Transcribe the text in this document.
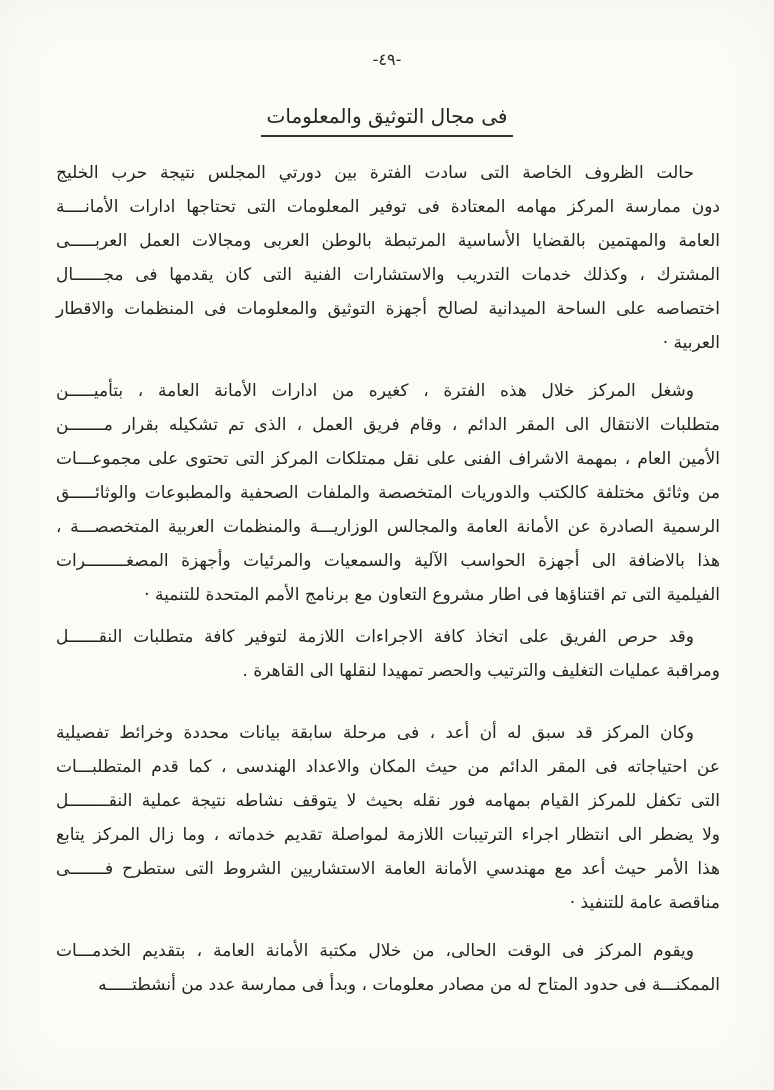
-٤٩-
فى مجال التوثيق والمعلومات
حالت الظروف الخاصة التى سادت الفترة بين دورتي المجلس نتيجة حرب الخليج
دون ممارسة المركز مهامه المعتادة فى توفير المعلومات التى تحتاجها ادارات الأمانــــة
العامة والمهتمين بالقضايا الأساسية المرتبطة بالوطن العربى ومجالات العمل العربـــــى
المشترك ، وكذلك خدمات التدريب والاستشارات الفنية التى كان يقدمها فى مجــــــال
اختصاصه على الساحة الميدانية لصالح أجهزة التوثيق والمعلومات فى المنظمات والاقطار
العربية ·
وشغل المركز خلال هذه الفترة ، كغيره من ادارات الأمانة العامة ، بتأميـــــن
متطلبات الانتقال الى المقر الدائم ، وقام فريق العمل ، الذى تم تشكيله بقرار مـــــــن
الأمين العام ، بمهمة الاشراف الفنى على نقل ممتلكات المركز التى تحتوى على مجموعـــات
من وثائق مختلفة كالكتب والدوريات المتخصصة والملفات الصحفية والمطبوعات والوثائـــــق
الرسمية الصادرة عن الأمانة العامة والمجالس الوزاريـــة والمنظمات العربية المتخصصـــة ،
هذا بالاضافة الى أجهزة الحواسب الآلية والسمعيات والمرئيات وأجهزة المصغــــــــرات
الفيلمية التى تم اقتناؤها فى اطار مشروع التعاون مع برنامج الأمم المتحدة للتنمية ·
وقد حرص الفريق على اتخاذ كافة الاجراءات اللازمة لتوفير كافة متطلبات النقــــــل
ومراقبة عمليات التغليف والترتيب والحصر تمهيدا لنقلها الى القاهرة .
وكان المركز قد سبق له أن أعد ، فى مرحلة سابقة بيانات محددة وخرائط تفصيلية
عن احتياجاته فى المقر الدائم من حيث المكان والاعداد الهندسى ، كما قدم المتطلبـــات
التى تكفل للمركز القيام بمهامه فور نقله بحيث لا يتوقف نشاطه نتيجة عملية النقــــــــل
ولا يضطر الى انتظار اجراء الترتيبات اللازمة لمواصلة تقديم خدماته ، وما زال المركز يتابع
هذا الأمر حيث أعد مع مهندسي الأمانة العامة الاستشاريين الشروط التى ستطرح فـــــــى
مناقصة عامة للتنفيذ ·
ويقوم المركز فى الوقت الحالى، من خلال مكتبة الأمانة العامة ، بتقديم الخدمـــات
الممكنـــة فى حدود المتاح له من مصادر معلومات ، وبدأ فى ممارسة عدد من أنشطتـــــه
